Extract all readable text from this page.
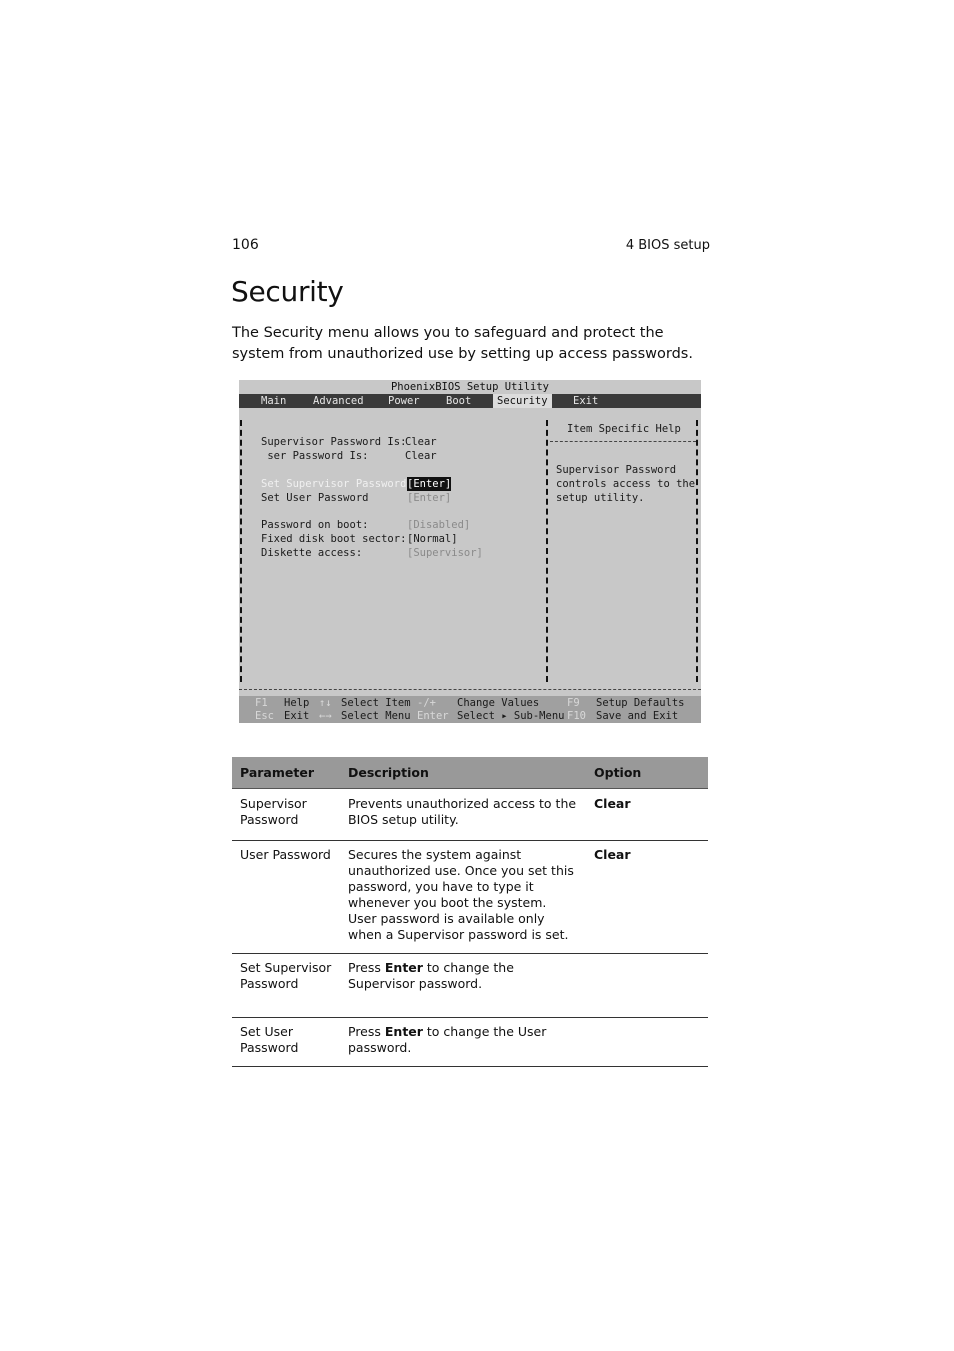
106	4 BIOS setup
Security

The Security menu allows you to safeguard and protect the system from unauthorized use by setting up access passwords.

PhoenixBIOS Setup Utility
Main	Advanced	Power	Boot	Security	Exit
Supervisor Password Is:
Clear
ser Password Is:	Clear
Set Supervisor Password [Enter]
Set User Password	[Enter]
Password on boot:	[Disabled]
Fixed disk boot sector: [Normal]
Diskette access:	[Supervisor]
Item Specific Help
Supervisor Password
controls access to the
setup utility.
F1 Help ↑↓ Select Item -/+ Change Values	F9 Setup Defaults
Esc Exit ←→ Select Menu Enter Select ▸ Sub-Menu F10 Save and Exit
Parameter	Description	Option
Supervisor Password	Prevents unauthorized access to the BIOS setup utility.	Clear
User Password	Secures the system against unauthorized use. Once you set this password, you have to type it whenever you boot the system. User password is available only when a Supervisor password is set.	Clear
Set Supervisor Password	Press Enter to change the Supervisor password.	
Set User Password	Press Enter to change the User password.	
